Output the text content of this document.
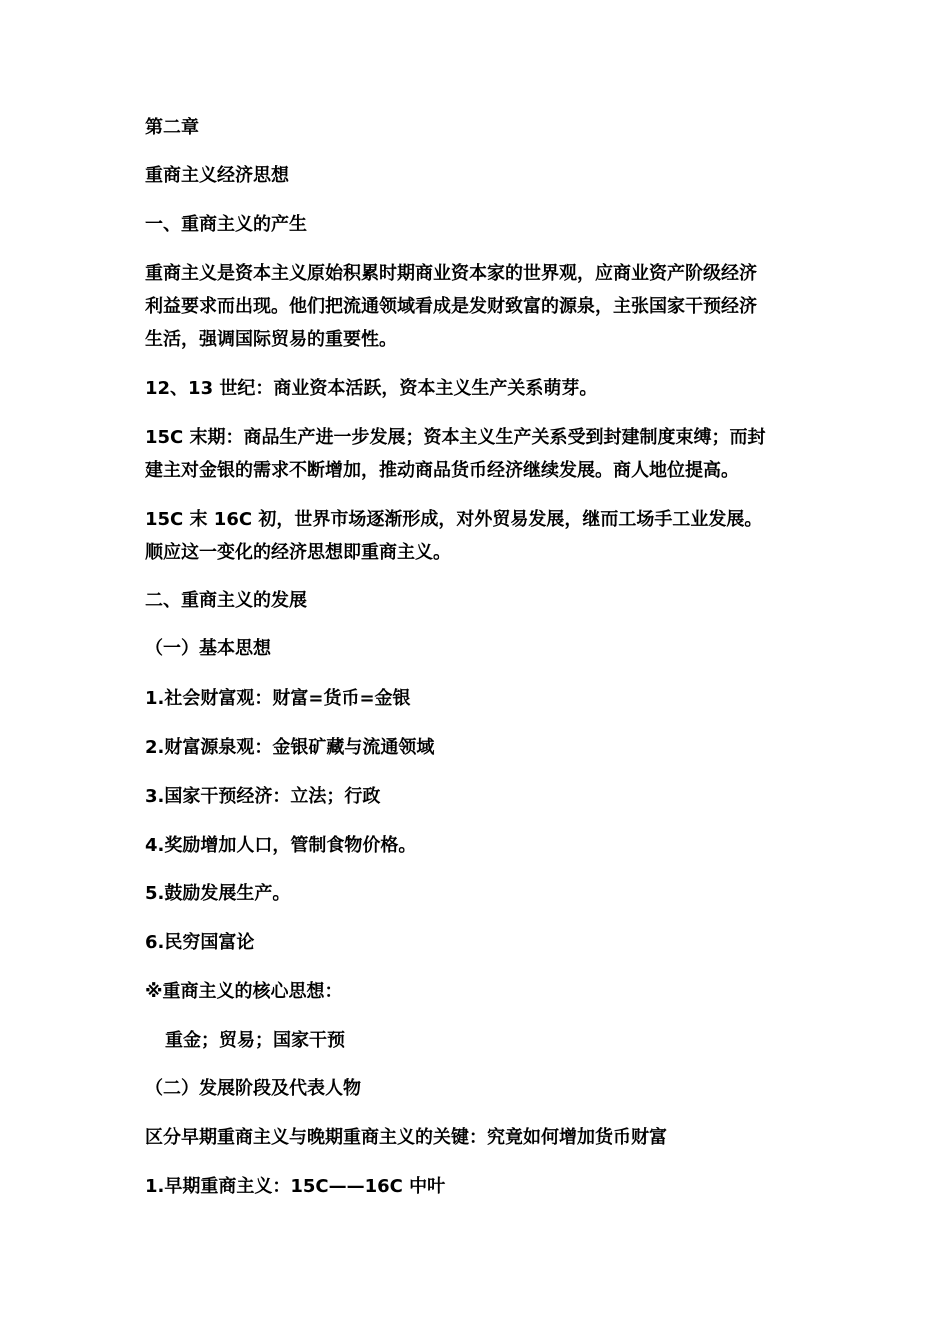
第二章
重商主义经济思想
一、重商主义的产生
重商主义是资本主义原始积累时期商业资本家的世界观，应商业资产阶级经济
利益要求而出现。他们把流通领域看成是发财致富的源泉，主张国家干预经济
生活，强调国际贸易的重要性。
12、13 世纪：商业资本活跃，资本主义生产关系萌芽。
15C 末期：商品生产进一步发展；资本主义生产关系受到封建制度束缚；而封
建主对金银的需求不断增加，推动商品货币经济继续发展。商人地位提高。
15C 末 16C 初，世界市场逐渐形成，对外贸易发展，继而工场手工业发展。
顺应这一变化的经济思想即重商主义。
二、重商主义的发展
（一）基本思想
1.社会财富观：财富=货币=金银
2.财富源泉观：金银矿藏与流通领域
3.国家干预经济：立法；行政
4.奖励增加人口，管制食物价格。
5.鼓励发展生产。
6.民穷国富论
※重商主义的核心思想：
重金；贸易；国家干预
（二）发展阶段及代表人物
区分早期重商主义与晚期重商主义的关键：究竟如何增加货币财富
1.早期重商主义：15C——16C 中叶
